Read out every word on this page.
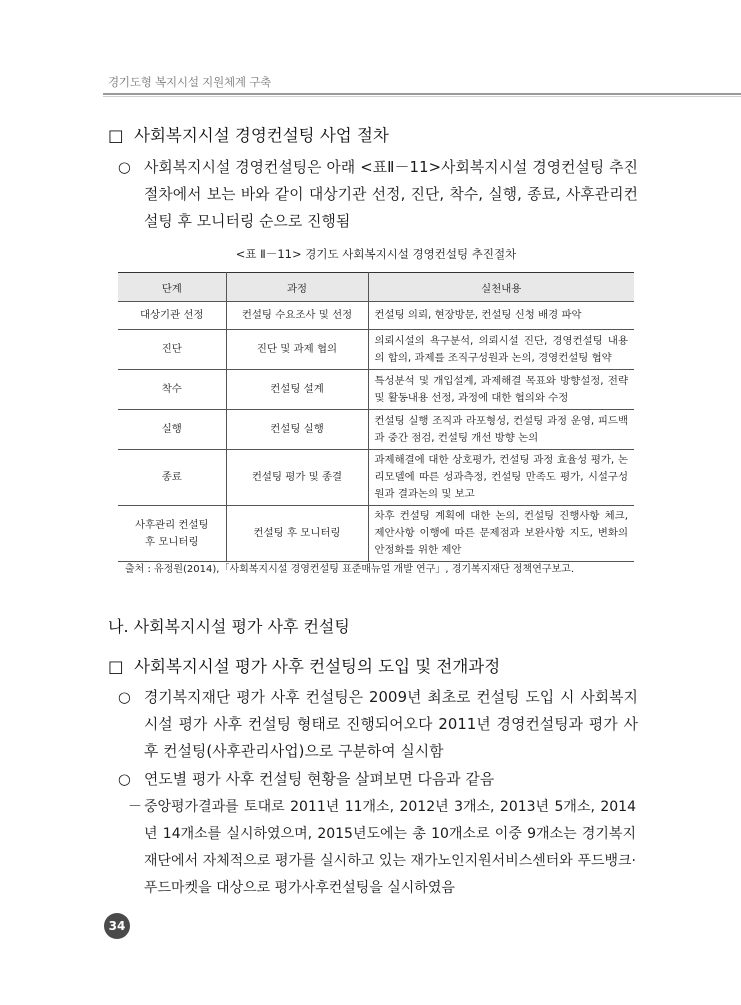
경기도형 복지시설 지원체계 구축
□ 사회복지시설 경영컨설팅 사업 절차
○ 사회복지시설 경영컨설팅은 아래 <표Ⅱ－11>사회복지시설 경영컨설팅 추진절차에서 보는 바와 같이 대상기관 선정, 진단, 착수, 실행, 종료, 사후관리컨설팅 후 모니터링 순으로 진행됨
<표 Ⅱ－11> 경기도 사회복지시설 경영컨설팅 추진절차
단계	과정	실천내용
대상기관 선정	컨설팅 수요조사 및 선정	컨설팅 의뢰, 현장방문, 컨설팅 신청 배경 파악
진단	진단 및 과제 협의	의뢰시설의 욕구분석, 의뢰시설 진단, 경영컨설팅 내용의 합의, 과제를 조직구성원과 논의, 경영컨설팅 협약
착수	컨설팅 설계	특성분석 및 개입설계, 과제해결 목표와 방향설정, 전략 및 활동내용 선정, 과정에 대한 협의와 수정
실행	컨설팅 실행	컨설팅 실행 조직과 라포형성, 컨설팅 과정 운영, 피드백과 중간 점검, 컨설팅 개선 방향 논의
종료	컨설팅 평가 및 종결	과제해결에 대한 상호평가, 컨설팅 과정 효율성 평가, 논리모델에 따른 성과측정, 컨설팅 만족도 평가, 시설구성원과 결과논의 및 보고
사후관리 컨설팅 후 모니터링	컨설팅 후 모니터링	차후 컨설팅 계획에 대한 논의, 컨설팅 진행사항 체크, 제안사항 이행에 따른 문제점과 보완사항 지도, 변화의 안정화를 위한 제안
출처 : 유정원(2014),「사회복지시설 경영컨설팅 표준매뉴얼 개발 연구」, 경기복지재단 정책연구보고.
나. 사회복지시설 평가 사후 컨설팅
□ 사회복지시설 평가 사후 컨설팅의 도입 및 전개과정
○ 경기복지재단 평가 사후 컨설팅은 2009년 최초로 컨설팅 도입 시 사회복지시설 평가 사후 컨설팅 형태로 진행되어오다 2011년 경영컨설팅과 평가 사후 컨설팅(사후관리사업)으로 구분하여 실시함
○ 연도별 평가 사후 컨설팅 현황을 살펴보면 다음과 같음
－ 중앙평가결과를 토대로 2011년 11개소, 2012년 3개소, 2013년 5개소, 2014년 14개소를 실시하였으며, 2015년도에는 총 10개소로 이중 9개소는 경기복지재단에서 자체적으로 평가를 실시하고 있는 재가노인지원서비스센터와 푸드뱅크·푸드마켓을 대상으로 평가사후컨설팅을 실시하였음
34
